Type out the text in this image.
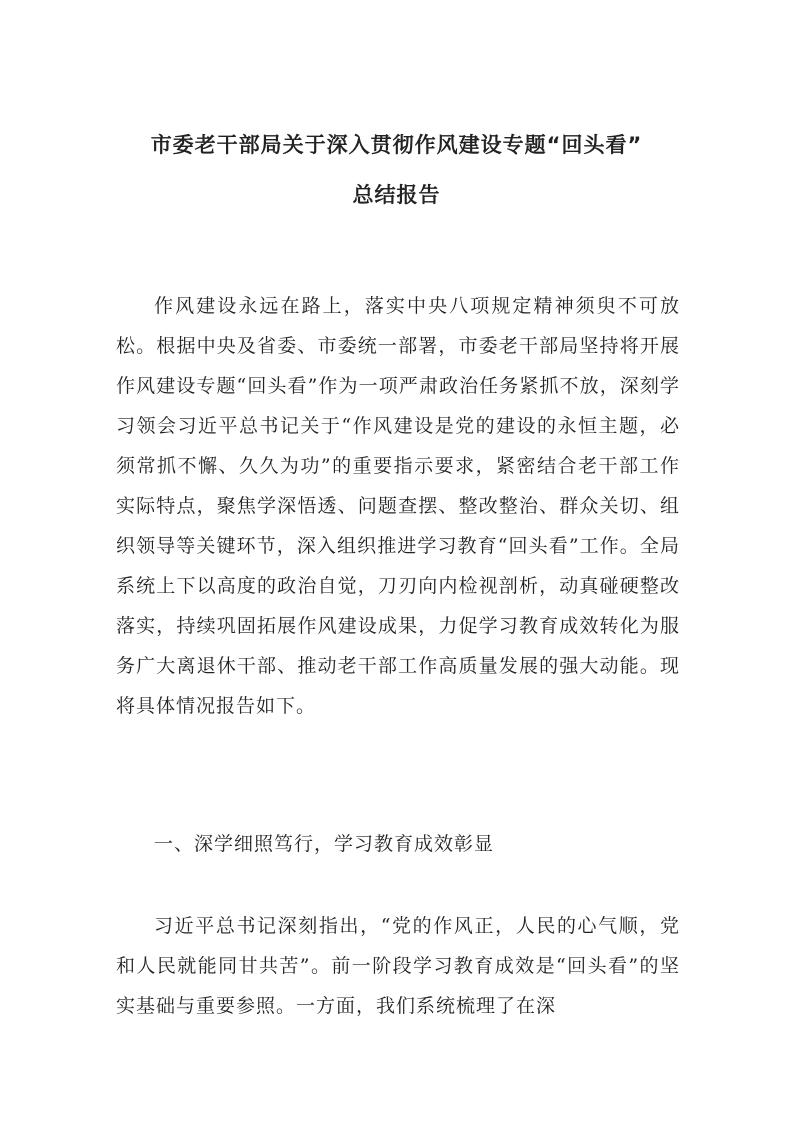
市委老干部局关于深入贯彻作风建设专题“回头看”
总结报告

作风建设永远在路上，落实中央八项规定精神须臾不可放松。根据中央及省委、市委统一部署，市委老干部局坚持将开展作风建设专题“回头看”作为一项严肃政治任务紧抓不放，深刻学习领会习近平总书记关于“作风建设是党的建设的永恒主题，必须常抓不懈、久久为功”的重要指示要求，紧密结合老干部工作实际特点，聚焦学深悟透、问题查摆、整改整治、群众关切、组织领导等关键环节，深入组织推进学习教育“回头看”工作。全局系统上下以高度的政治自觉，刀刃向内检视剖析，动真碰硬整改落实，持续巩固拓展作风建设成果，力促学习教育成效转化为服务广大离退休干部、推动老干部工作高质量发展的强大动能。现将具体情况报告如下。

一、深学细照笃行，学习教育成效彰显

习近平总书记深刻指出，“党的作风正，人民的心气顺，党和人民就能同甘共苦”。前一阶段学习教育成效是“回头看”的坚实基础与重要参照。一方面，我们系统梳理了在深
